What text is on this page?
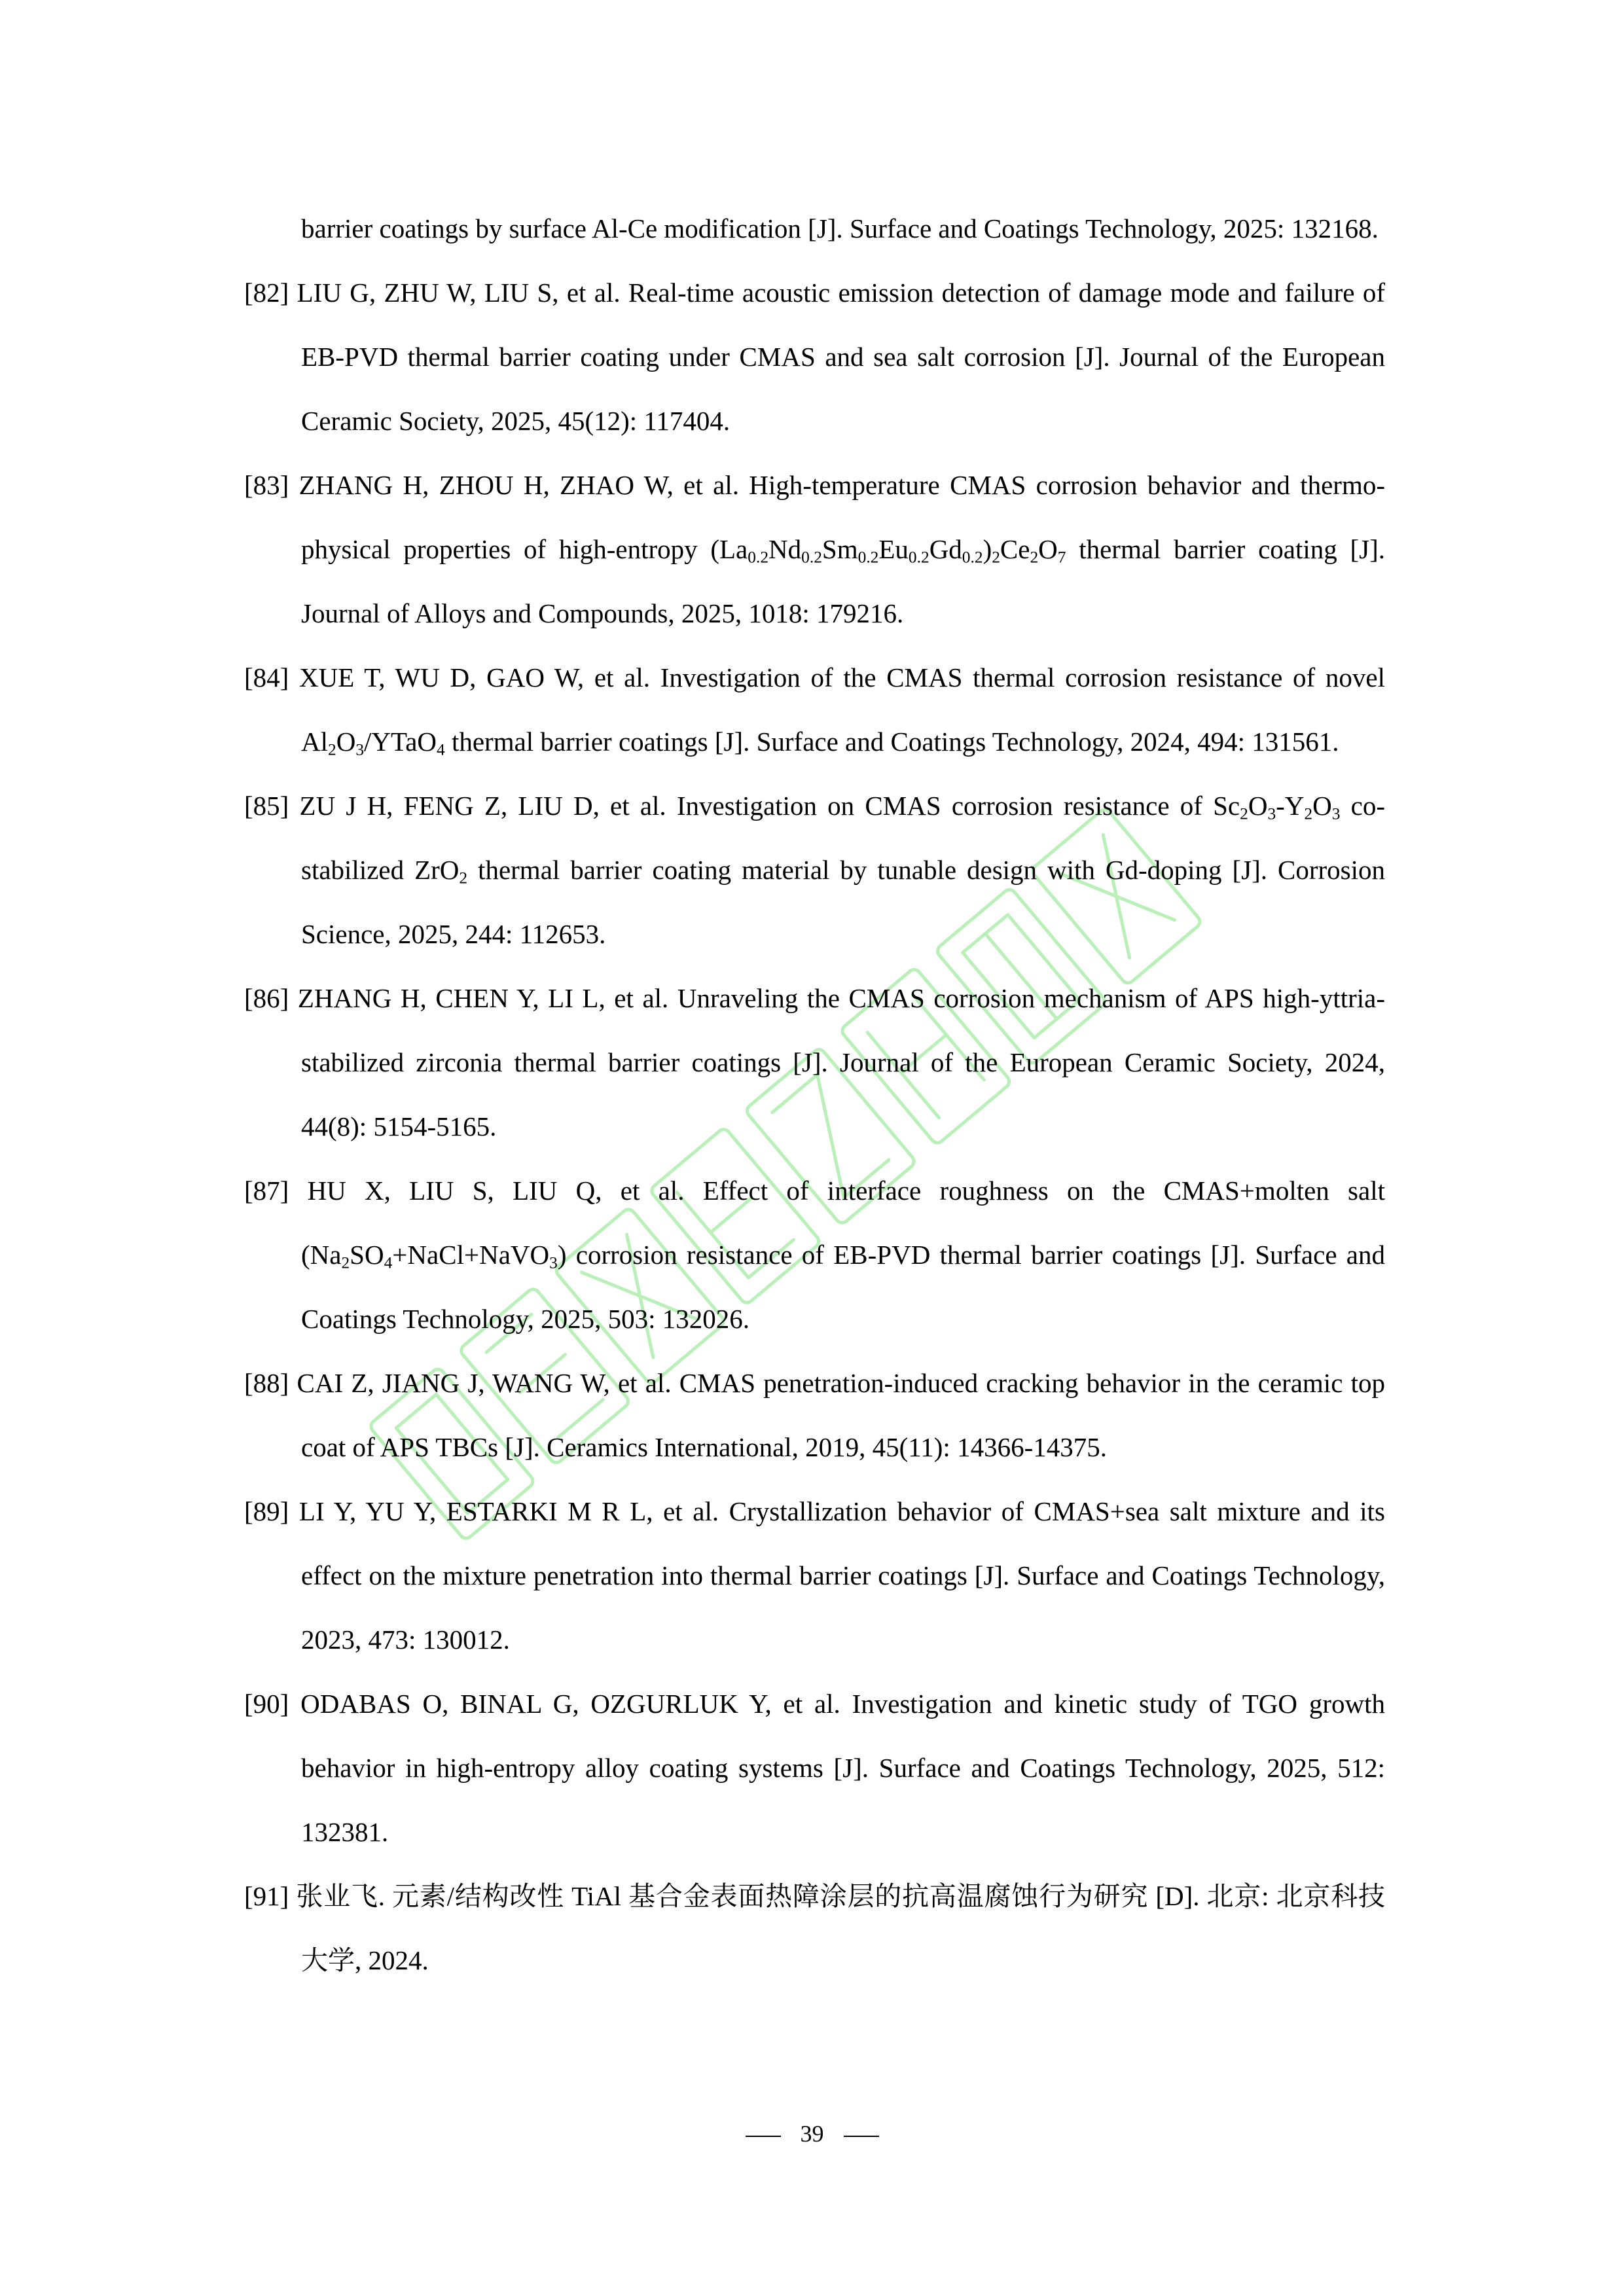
barrier coatings by surface Al-Ce modification [J]. Surface and Coatings Technology, 2025: 132168.
[82] LIU G, ZHU W, LIU S, et al. Real-time acoustic emission detection of damage mode and failure of EB-PVD thermal barrier coating under CMAS and sea salt corrosion [J]. Journal of the European Ceramic Society, 2025, 45(12): 117404.
[83] ZHANG H, ZHOU H, ZHAO W, et al. High-temperature CMAS corrosion behavior and thermo-physical properties of high-entropy $(La_{0.2}Nd_{0.2}Sm_{0.2}Eu_{0.2}Gd_{0.2})_2Ce_2O_7$ thermal barrier coating [J]. Journal of Alloys and Compounds, 2025, 1018: 179216.
[84] XUE T, WU D, GAO W, et al. Investigation of the CMAS thermal corrosion resistance of novel $Al_2O_3/YTaO_4$ thermal barrier coatings [J]. Surface and Coatings Technology, 2024, 494: 131561.
[85] ZU J H, FENG Z, LIU D, et al. Investigation on CMAS corrosion resistance of $Sc_2O_3-Y_2O_3$ co-stabilized ZrO$_2$ thermal barrier coating material by tunable design with Gd-doping [J]. Corrosion Science, 2025, 244: 112653.
[86] ZHANG H, CHEN Y, LI L, et al. Unraveling the CMAS corrosion mechanism of APS high-yttria-stabilized zirconia thermal barrier coatings [J]. Journal of the European Ceramic Society, 2024, 44(8): 5154-5165.
[87] HU X, LIU S, LIU Q, et al. Effect of interface roughness on the CMAS+molten salt $(Na_2SO_4+NaCl+NaVO_3)$ corrosion resistance of EB-PVD thermal barrier coatings [J]. Surface and Coatings Technology, 2025, 503: 132026.
[88] CAI Z, JIANG J, WANG W, et al. CMAS penetration-induced cracking behavior in the ceramic top coat of APS TBCs [J]. Ceramics International, 2019, 45(11): 14366-14375.
[89] LI Y, YU Y, ESTARKI M R L, et al. Crystallization behavior of CMAS+sea salt mixture and its effect on the mixture penetration into thermal barrier coatings [J]. Surface and Coatings Technology, 2023, 473: 130012.
[90] ODABAS O, BINAL G, OZGURLUK Y, et al. Investigation and kinetic study of TGO growth behavior in high-entropy alloy coating systems [J]. Surface and Coatings Technology, 2025, 512: 132381.
[91] 张业飞. 元素/结构改性 TiAl 基合金表面热障涂层的抗高温腐蚀行为研究 [D]. 北京: 北京科技大学, 2024.
39
